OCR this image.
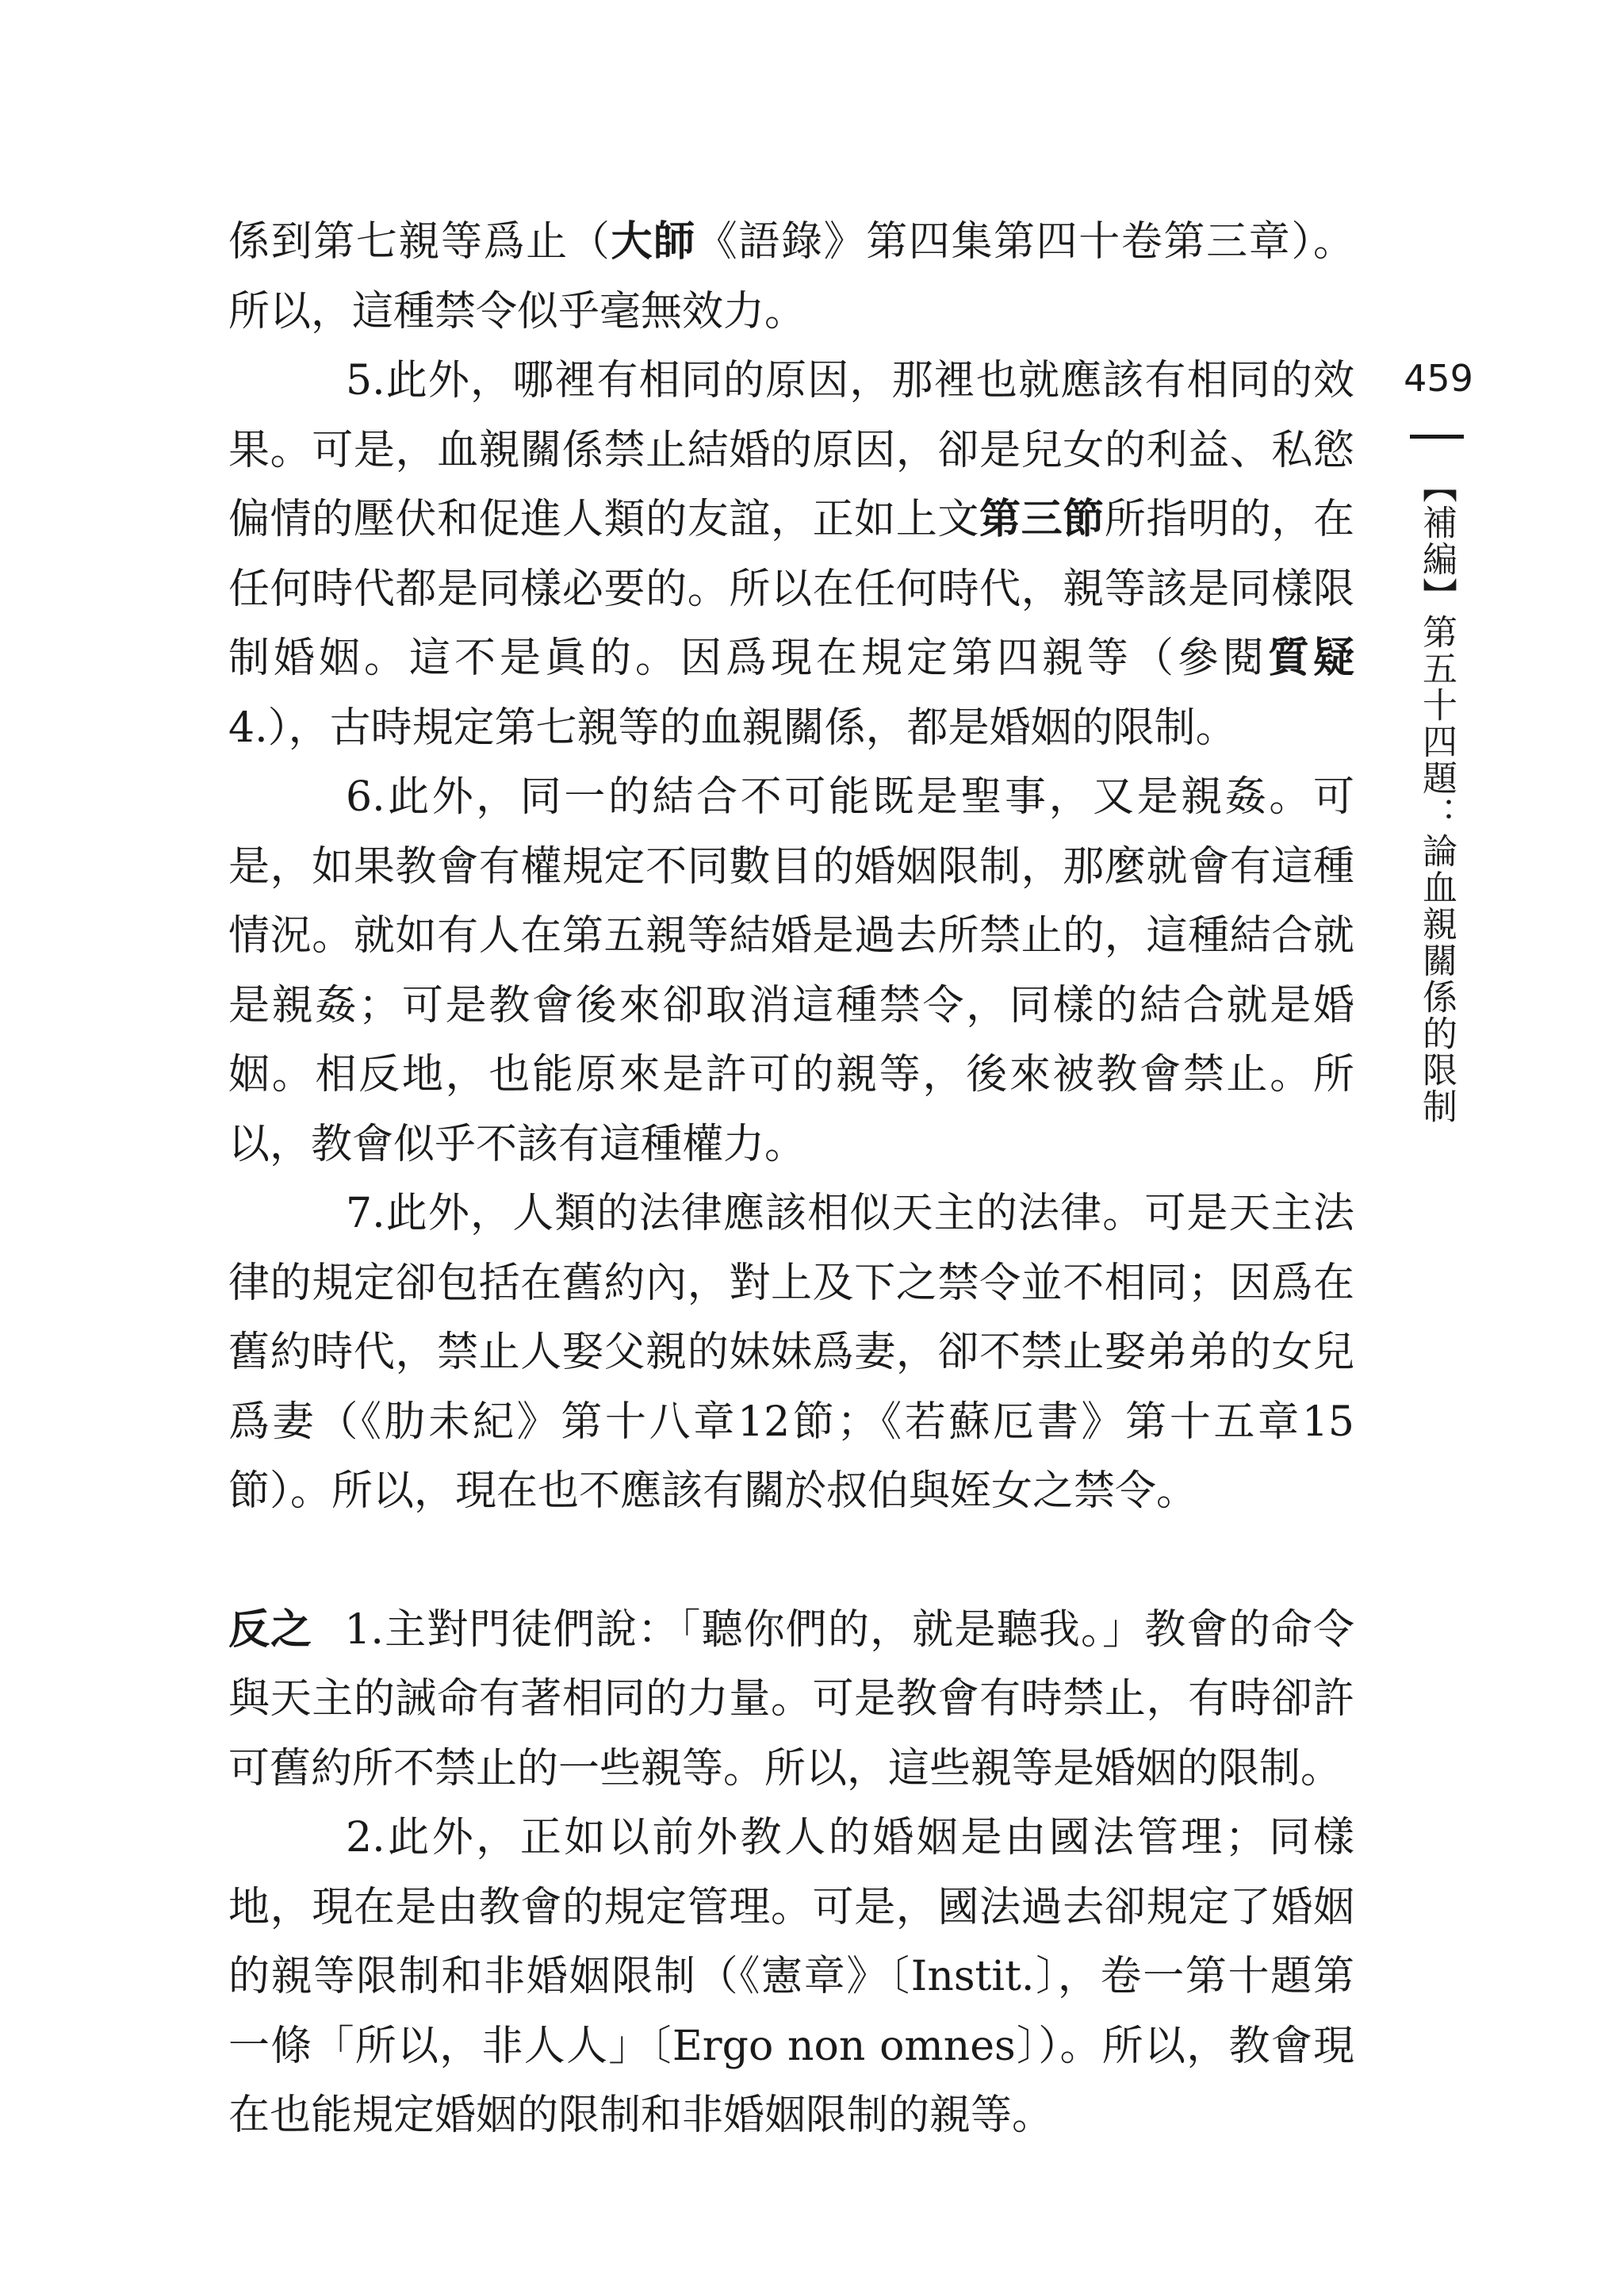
459
【補編】第五十四題：論血親關係的限制

係到第七親等爲止（大師《語錄》第四集第四十卷第三章）。所以，這種禁令似乎毫無效力。

5.此外，哪裡有相同的原因，那裡也就應該有相同的效果。可是，血親關係禁止結婚的原因，卻是兒女的利益、私慾偏情的壓伏和促進人類的友誼，正如上文第三節所指明的，在任何時代都是同樣必要的。所以在任何時代，親等該是同樣限制婚姻。這不是眞的。因爲現在規定第四親等（參閱質疑4.），古時規定第七親等的血親關係，都是婚姻的限制。

6.此外，同一的結合不可能既是聖事，又是親姦。可是，如果教會有權規定不同數目的婚姻限制，那麼就會有這種情況。就如有人在第五親等結婚是過去所禁止的，這種結合就是親姦；可是教會後來卻取消這種禁令，同樣的結合就是婚姻。相反地，也能原來是許可的親等，後來被教會禁止。所以，教會似乎不該有這種權力。

7.此外，人類的法律應該相似天主的法律。可是天主法律的規定卻包括在舊約內，對上及下之禁令並不相同；因爲在舊約時代，禁止人娶父親的妹妹爲妻，卻不禁止娶弟弟的女兒爲妻（《肋未紀》第十八章12節；《若蘇厄書》第十五章15節）。所以，現在也不應該有關於叔伯與姪女之禁令。

反之 1.主對門徒們說：「聽你們的，就是聽我。」教會的命令與天主的誡命有著相同的力量。可是教會有時禁止，有時卻許可舊約所不禁止的一些親等。所以，這些親等是婚姻的限制。

2.此外，正如以前外教人的婚姻是由國法管理；同樣地，現在是由教會的規定管理。可是，國法過去卻規定了婚姻的親等限制和非婚姻限制（《憲章》〔Instit.〕，卷一第十題第一條「所以，非人人」〔Ergo non omnes〕）。所以，教會現在也能規定婚姻的限制和非婚姻限制的親等。
